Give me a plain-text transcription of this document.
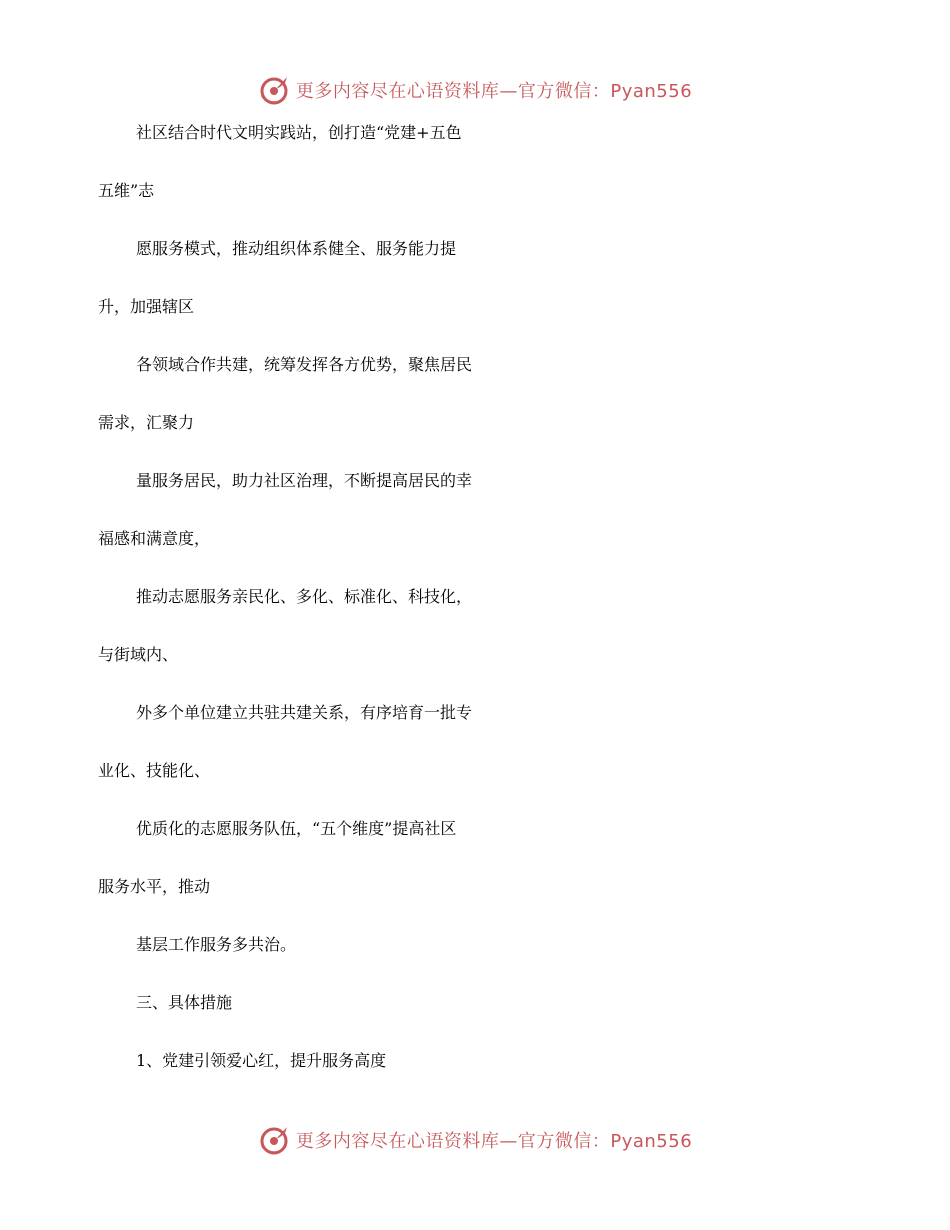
更多内容尽在心语资料库—官方微信：Pyan556
社区结合时代文明实践站，创打造“党建+五色
五维”志
愿服务模式，推动组织体系健全、服务能力提
升，加强辖区
各领域合作共建，统筹发挥各方优势，聚焦居民
需求，汇聚力
量服务居民，助力社区治理，不断提高居民的幸
福感和满意度，
推动志愿服务亲民化、多化、标准化、科技化，
与街域内、
外多个单位建立共驻共建关系，有序培育一批专
业化、技能化、
优质化的志愿服务队伍，“五个维度”提高社区
服务水平，推动
基层工作服务多共治。
三、具体措施
1、党建引领爱心红，提升服务高度
更多内容尽在心语资料库—官方微信：Pyan556
